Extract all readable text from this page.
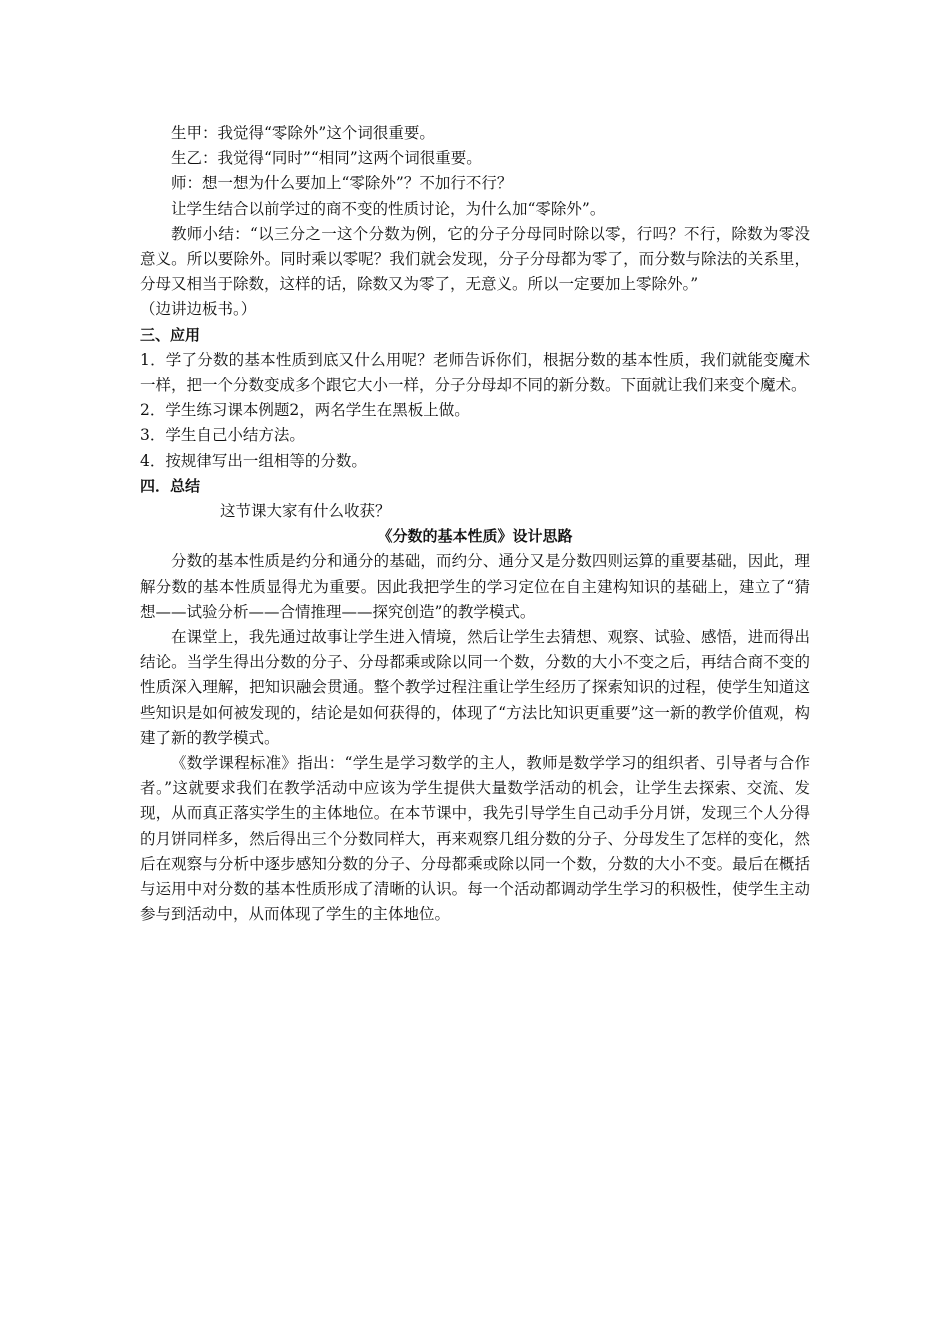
生甲：我觉得“零除外”这个词很重要。

生乙：我觉得“同时”“相同”这两个词很重要。

师：想一想为什么要加上“零除外”？不加行不行？

让学生结合以前学过的商不变的性质讨论，为什么加“零除外”。

教师小结：“以三分之一这个分数为例，它的分子分母同时除以零，行吗？不行，除数为零没意义。所以要除外。同时乘以零呢？我们就会发现，分子分母都为零了，而分数与除法的关系里，分母又相当于除数，这样的话，除数又为零了，无意义。所以一定要加上零除外。”

（边讲边板书。）

三、应用

1．学了分数的基本性质到底又什么用呢？老师告诉你们，根据分数的基本性质，我们就能变魔术一样，把一个分数变成多个跟它大小一样，分子分母却不同的新分数。下面就让我们来变个魔术。

2．学生练习课本例题2，两名学生在黑板上做。

3．学生自己小结方法。

4．按规律写出一组相等的分数。

四．总结

这节课大家有什么收获？

《分数的基本性质》设计思路

分数的基本性质是约分和通分的基础，而约分、通分又是分数四则运算的重要基础，因此，理解分数的基本性质显得尤为重要。因此我把学生的学习定位在自主建构知识的基础上，建立了“猜想——试验分析——合情推理——探究创造”的教学模式。

在课堂上，我先通过故事让学生进入情境，然后让学生去猜想、观察、试验、感悟，进而得出结论。当学生得出分数的分子、分母都乘或除以同一个数，分数的大小不变之后，再结合商不变的性质深入理解，把知识融会贯通。整个教学过程注重让学生经历了探索知识的过程，使学生知道这些知识是如何被发现的，结论是如何获得的，体现了“方法比知识更重要”这一新的教学价值观，构建了新的教学模式。

《数学课程标准》指出：“学生是学习数学的主人，教师是数学学习的组织者、引导者与合作者。”这就要求我们在教学活动中应该为学生提供大量数学活动的机会，让学生去探索、交流、发现，从而真正落实学生的主体地位。在本节课中，我先引导学生自己动手分月饼，发现三个人分得的月饼同样多，然后得出三个分数同样大，再来观察几组分数的分子、分母发生了怎样的变化，然后在观察与分析中逐步感知分数的分子、分母都乘或除以同一个数，分数的大小不变。最后在概括与运用中对分数的基本性质形成了清晰的认识。每一个活动都调动学生学习的积极性，使学生主动参与到活动中，从而体现了学生的主体地位。
